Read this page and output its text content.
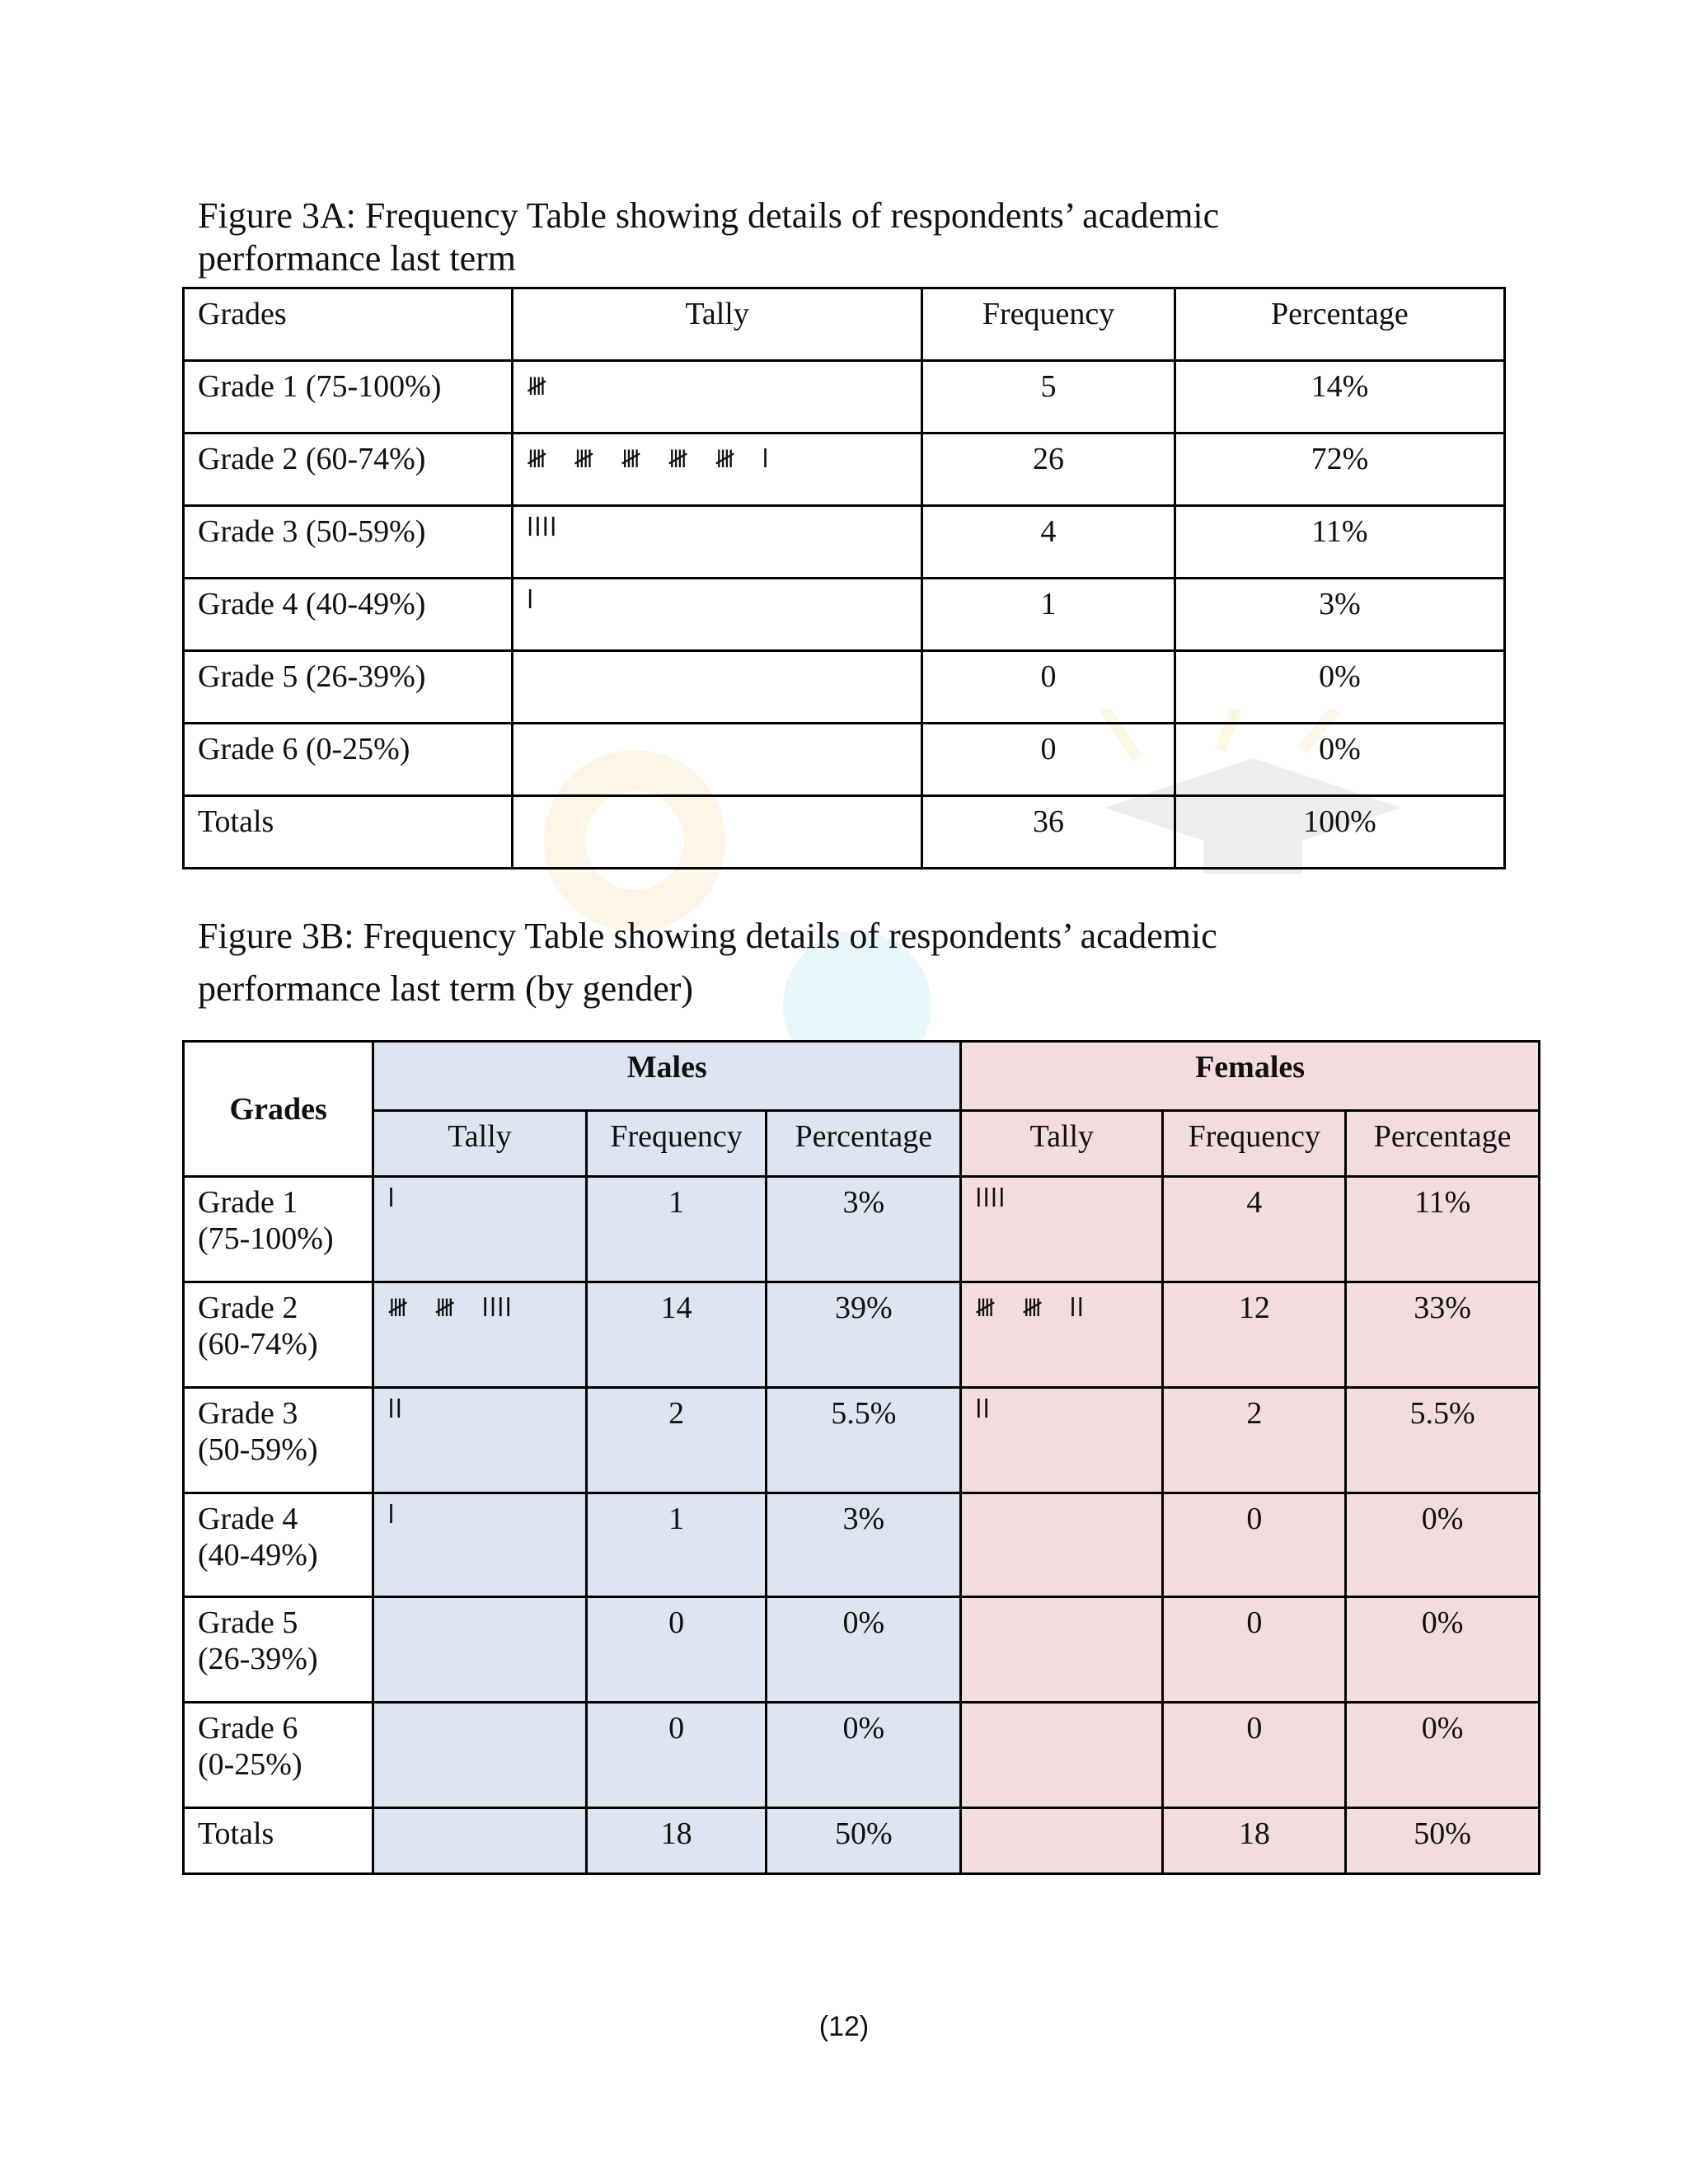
Figure 3A: Frequency Table showing details of respondents’ academic
performance last term

Grades	Tally	Frequency	Percentage
Grade 1 (75-100%)	𝍸	5	14%
Grade 2 (60-74%)	𝍸   𝍸   𝍸   𝍸   𝍸   l	26	72%
Grade 3 (50-59%)	llll	4	11%
Grade 4 (40-49%)	l	1	3%
Grade 5 (26-39%)		0	0%
Grade 6 (0-25%)		0	0%
Totals		36	100%

Figure 3B: Frequency Table showing details of respondents’ academic
performance last term (by gender)

Grades	Males			Females		
	Tally	Frequency	Percentage	Tally	Frequency	Percentage
Grade 1
(75-100%)	l	1	3%	llll	4	11%
Grade 2
(60-74%)	𝍸   𝍸   llll	14	39%	𝍸   𝍸   ll	12	33%
Grade 3
(50-59%)	ll	2	5.5%	ll	2	5.5%
Grade 4
(40-49%)	l	1	3%		0	0%
Grade 5
(26-39%)		0	0%		0	0%
Grade 6
(0-25%)		0	0%		0	0%
Totals		18	50%		18	50%
(12)
